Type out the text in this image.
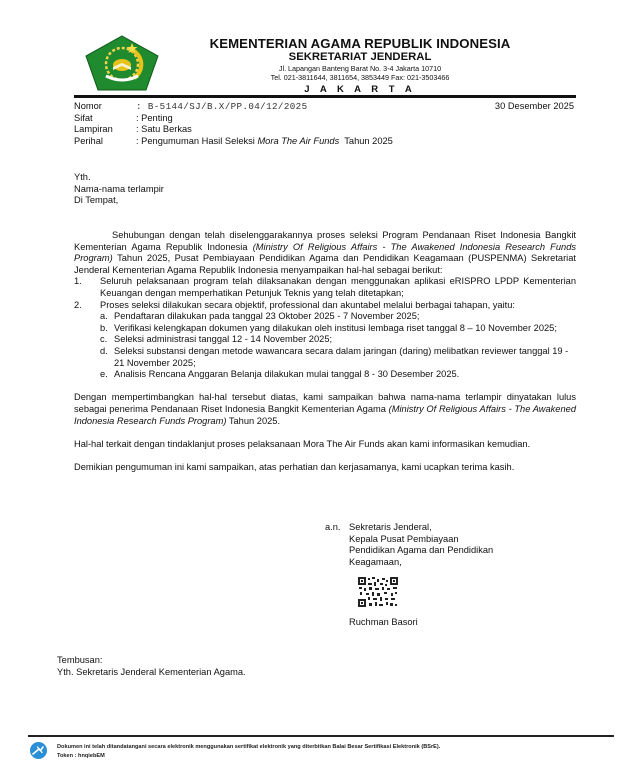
KEMENTERIAN AGAMA REPUBLIK INDONESIA
SEKRETARIAT JENDERAL
Jl. Lapangan Banteng Barat No. 3-4 Jakarta 10710
Tel. 021-3811644, 3811654, 3853449 Fax: 021-3503466
J A K A R T A
Nomor	: B-5144/SJ/B.X/PP.04/12/2025	30 Desember 2025
Sifat	: Penting
Lampiran	: Satu Berkas
Perihal	: Pengumuman Hasil Seleksi Mora The Air Funds  Tahun 2025
Yth.
Nama-nama terlampir
Di Tempat,

Sehubungan dengan telah diselenggarakannya proses seleksi Program Pendanaan Riset Indonesia Bangkit Kementerian Agama Republik Indonesia (Ministry Of Religious Affairs - The Awakened Indonesia Research Funds Program) Tahun 2025, Pusat Pembiayaan Pendidikan Agama dan Pendidikan Keagamaan (PUSPENMA) Sekretariat Jenderal Kementerian Agama Republik Indonesia menyampaikan hal-hal sebagai berikut:

1.	Seluruh pelaksanaan program telah dilaksanakan dengan menggunakan aplikasi eRISPRO LPDP Kementerian Keuangan dengan memperhatikan Petunjuk Teknis yang telah ditetapkan;
2.	Proses seleksi dilakukan secara objektif, professional dan akuntabel melalui berbagai tahapan, yaitu:
a. Pendaftaran dilakukan pada tanggal 23 Oktober 2025 - 7 November 2025;
b. Verifikasi kelengkapan dokumen yang dilakukan oleh institusi lembaga riset tanggal 8 – 10 November 2025;
c. Seleksi administrasi tanggal 12 - 14 November 2025;
d. Seleksi substansi dengan metode wawancara secara dalam jaringan (daring) melibatkan reviewer tanggal 19 - 21 November 2025;
e. Analisis Rencana Anggaran Belanja dilakukan mulai tanggal 8 - 30 Desember 2025.

Dengan mempertimbangkan hal-hal tersebut diatas, kami sampaikan bahwa nama-nama terlampir dinyatakan lulus sebagai penerima Pendanaan Riset Indonesia Bangkit Kementerian Agama (Ministry Of Religious Affairs - The Awakened Indonesia Research Funds Program) Tahun 2025.

Hal-hal terkait dengan tindaklanjut proses pelaksanaan Mora The Air Funds akan kami informasikan kemudian.

Demikian pengumuman ini kami sampaikan, atas perhatian dan kerjasamanya, kami ucapkan terima kasih.

a.n. Sekretaris Jenderal,
Kepala Pusat Pembiayaan
Pendidikan Agama dan Pendidikan
Keagamaan,
Ruchman Basori
Tembusan:
Yth. Sekretaris Jenderal Kementerian Agama.
Dokumen ini telah ditandatangani secara elektronik menggunakan sertifikat elektronik yang diterbitkan Balai Besar Sertifikasi Elektronik (BSrE).
Token : hnqiebEM
